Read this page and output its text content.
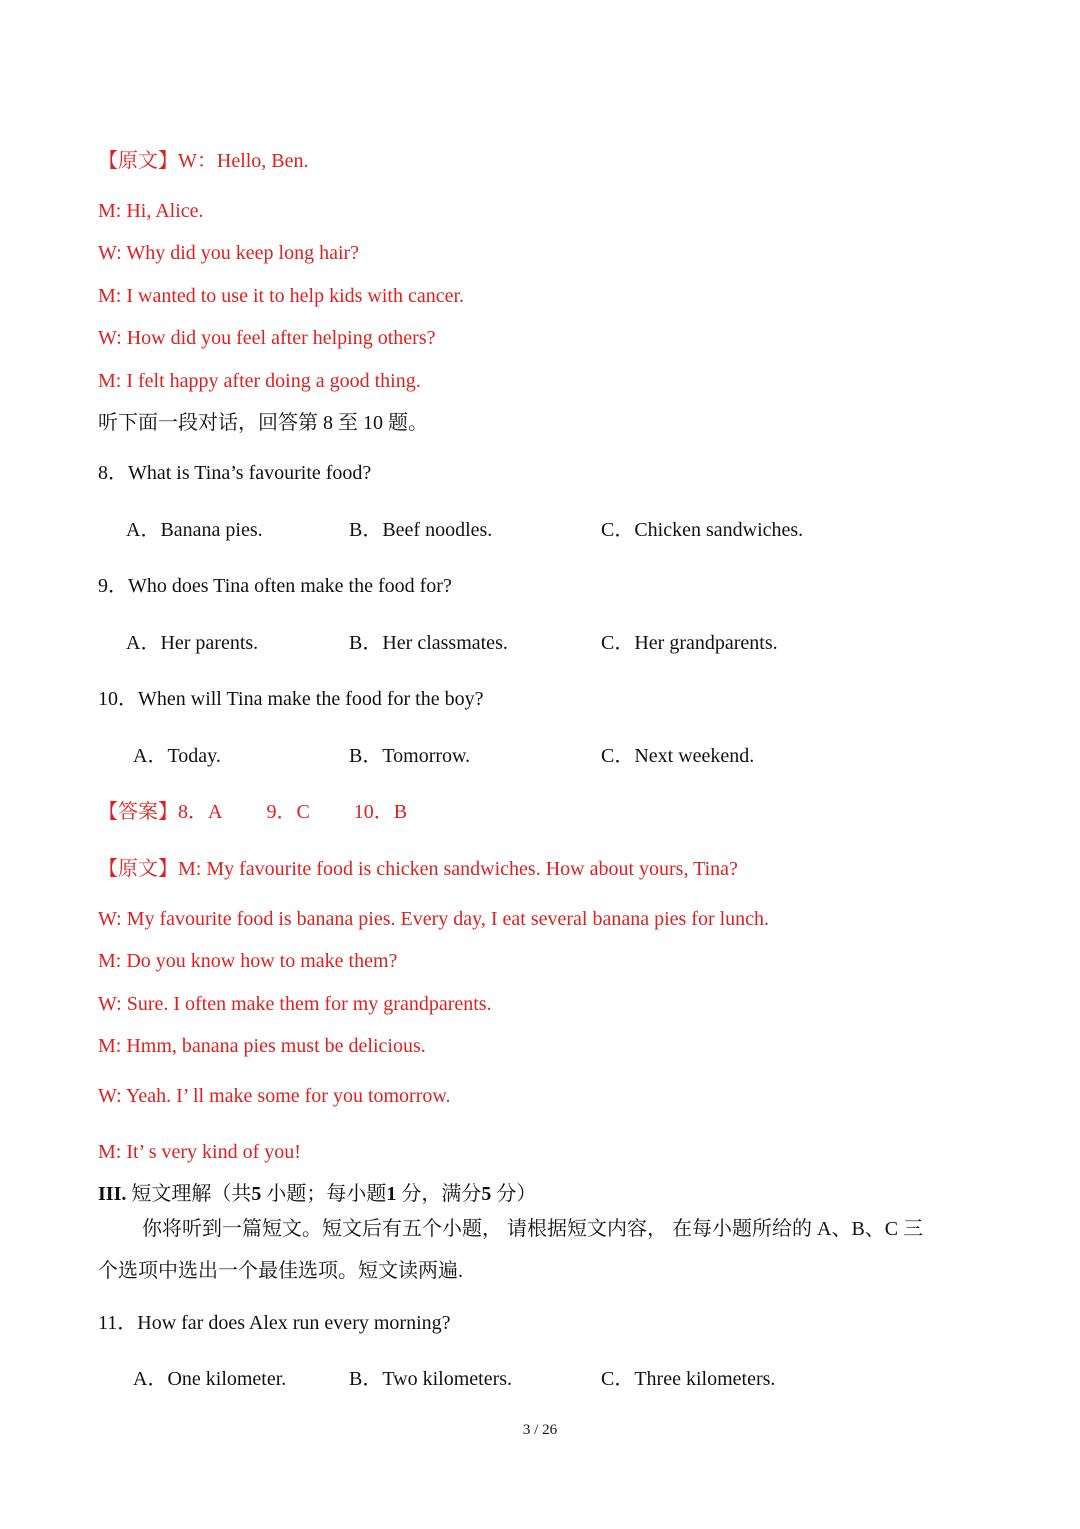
【原文】W：Hello, Ben.
M: Hi, Alice.
W: Why did you keep long hair?
M: I wanted to use it to help kids with cancer.
W: How did you feel after helping others?
M: I felt happy after doing a good thing.
听下面一段对话，回答第 8 至 10 题。
8．What is Tina’s favourite food?
A．Banana pies.	B．Beef noodles.	C．Chicken sandwiches.
9．Who does Tina often make the food for?
A．Her parents.	B．Her classmates.	C．Her grandparents.
10．When will Tina make the food for the boy?
A．Today.	B．Tomorrow.	C．Next weekend.
【答案】8．A 9．C 10．B
【原文】M: My favourite food is chicken sandwiches. How about yours, Tina?
W: My favourite food is banana pies. Every day, I eat several banana pies for lunch.
M: Do you know how to make them?
W: Sure. I often make them for my grandparents.
M: Hmm, banana pies must be delicious.
W: Yeah. I’ ll make some for you tomorrow.
M: It’ s very kind of you!
III. 短文理解（共5 小题；每小题1 分，满分5 分）
你将听到一篇短文。短文后有五个小题， 请根据短文内容， 在每小题所给的 A、B、C 三
个选项中选出一个最佳选项。短文读两遍.
11．How far does Alex run every morning?
A．One kilometer.	B．Two kilometers.	C．Three kilometers.
3 / 26
